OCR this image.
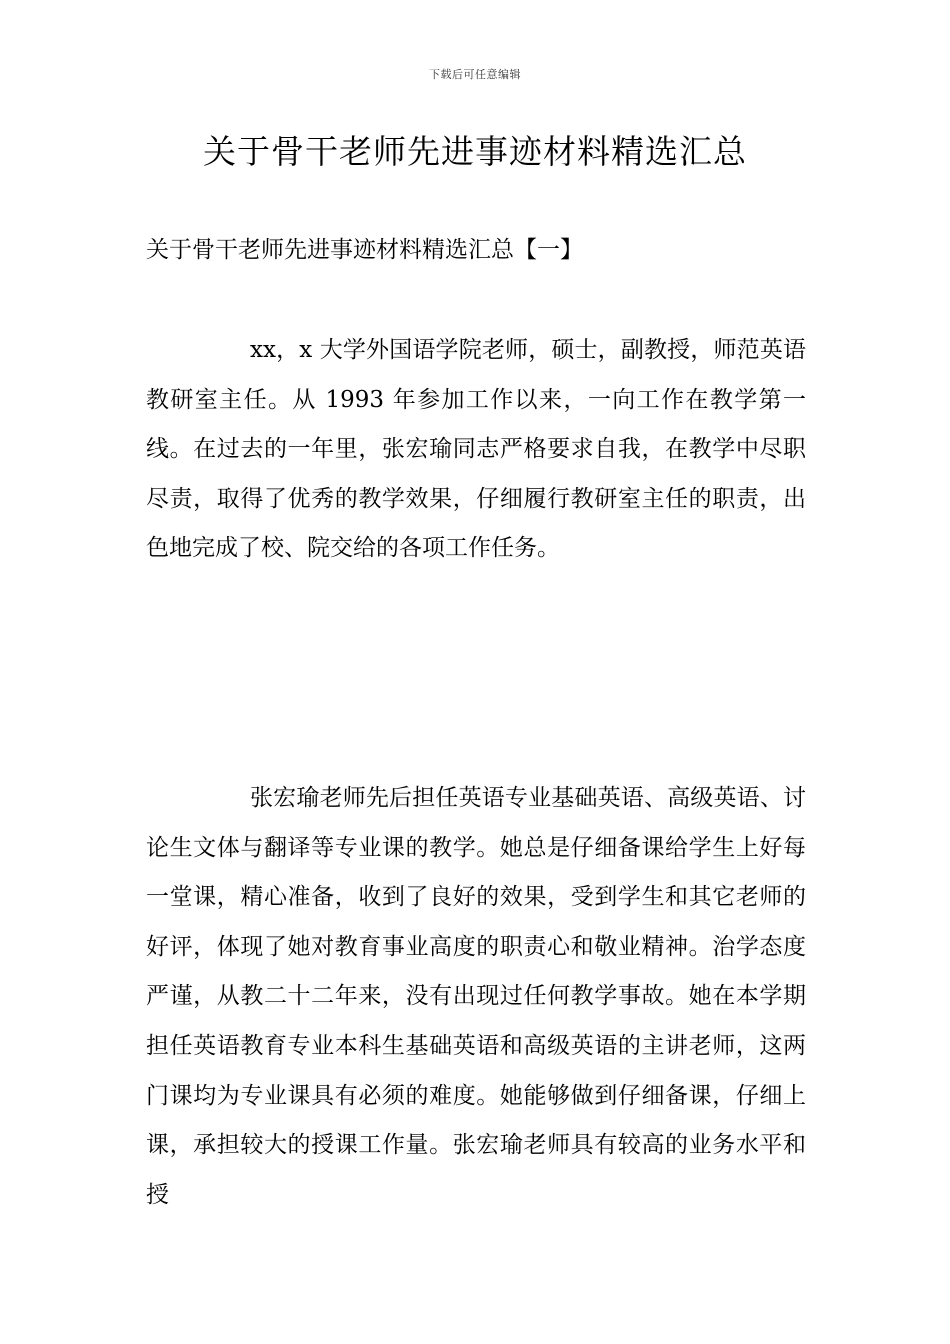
下载后可任意编辑
关于骨干老师先进事迹材料精选汇总

关于骨干老师先进事迹材料精选汇总【一】

xx，x 大学外国语学院老师，硕士，副教授，师范英语教研室主任。从 1993 年参加工作以来，一向工作在教学第一线。在过去的一年里，张宏瑜同志严格要求自我，在教学中尽职尽责，取得了优秀的教学效果，仔细履行教研室主任的职责，出色地完成了校、院交给的各项工作任务。

张宏瑜老师先后担任英语专业基础英语、高级英语、讨论生文体与翻译等专业课的教学。她总是仔细备课给学生上好每一堂课，精心准备，收到了良好的效果，受到学生和其它老师的好评，体现了她对教育事业高度的职责心和敬业精神。治学态度严谨，从教二十二年来，没有出现过任何教学事故。她在本学期担任英语教育专业本科生基础英语和高级英语的主讲老师，这两门课均为专业课具有必须的难度。她能够做到仔细备课，仔细上课，承担较大的授课工作量。张宏瑜老师具有较高的业务水平和授
